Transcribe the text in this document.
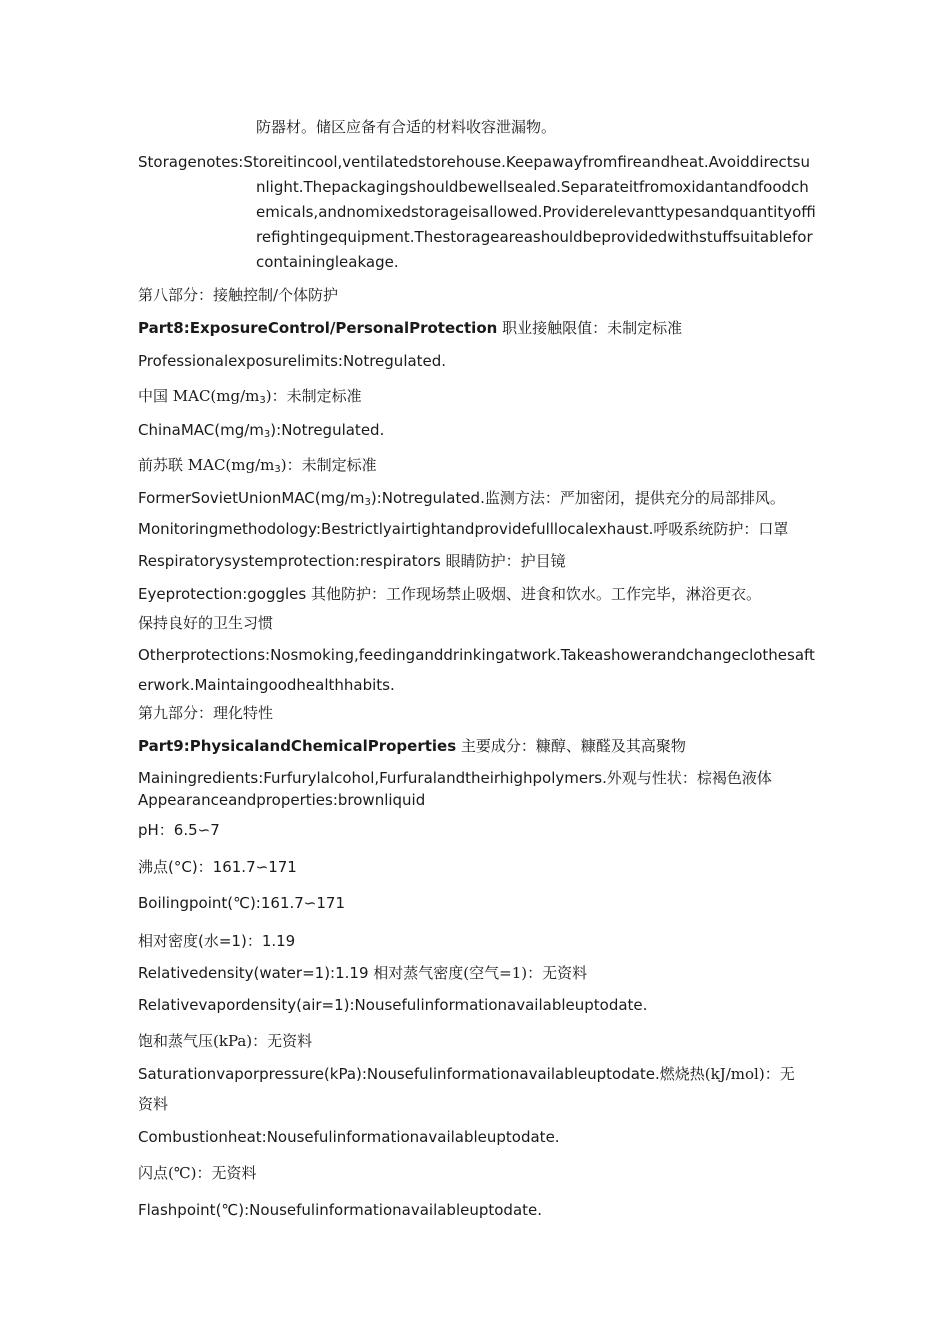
防器材。储区应备有合适的材料收容泄漏物。
Storagenotes:Storeitincool,ventilatedstorehouse.Keepawayfromfireandheat.Avoiddirectsu
nlight.Thepackagingshouldbewellsealed.Separateitfromoxidantandfoodch
emicals,andnomixedstorageisallowed.Providerelevanttypesandquantityoffi
refightingequipment.Thestorageareashouldbeprovidedwithstuffsuitablefor
containingleakage.
第八部分：接触控制/个体防护
Part8:ExposureControl/PersonalProtection 职业接触限值：未制定标准
Professionalexposurelimits:Notregulated.
中国 $MAC(mg/m_3)$：未制定标准
$ChinaMAC(mg/m_3):Notregulated$.
前苏联 $MAC(mg/m_3)$：未制定标准
$FormerSovietUnionMAC(mg/m_3):Notregulated$.监测方法：严加密闭，提供充分的局部排风。
Monitoringmethodology:Bestrictlyairtightandprovidefulllocalexhaust.呼吸系统防护：口罩
Respiratorysystemprotection:respirators 眼睛防护：护目镜
Eyeprotection:goggles 其他防护：工作现场禁止吸烟、进食和饮水。工作完毕，淋浴更衣。
保持良好的卫生习惯
Otherprotections:Nosmoking,feedinganddrinkingatwork.Takeashowerandchangeclothesaft
erwork.Maintaingoodhealthhabits.
第九部分：理化特性
Part9:PhysicalandChemicalProperties 主要成分：糠醇、糠醛及其高聚物
Mainingredients:Furfurylalcohol,Furfuralandtheirhighpolymers.外观与性状：棕褐色液体
Appearanceandproperties:brownliquid
pH：6.5∽7
沸点(°C)：161.7∽171
Boilingpoint(℃):161.7∽171
相对密度(水=1)：1.19
Relativedensity(water=1):1.19 相对蒸气密度(空气=1)：无资料
Relativevapordensity(air=1):Nousefulinformationavailableuptodate.
饱和蒸气压(kPa)：无资料
Saturationvaporpressure(kPa):Nousefulinformationavailableuptodate.燃烧热(kJ/mol)：无
资料
Combustionheat:Nousefulinformationavailableuptodate.
闪点(℃)：无资料
Flashpoint(℃):Nousefulinformationavailableuptodate.
